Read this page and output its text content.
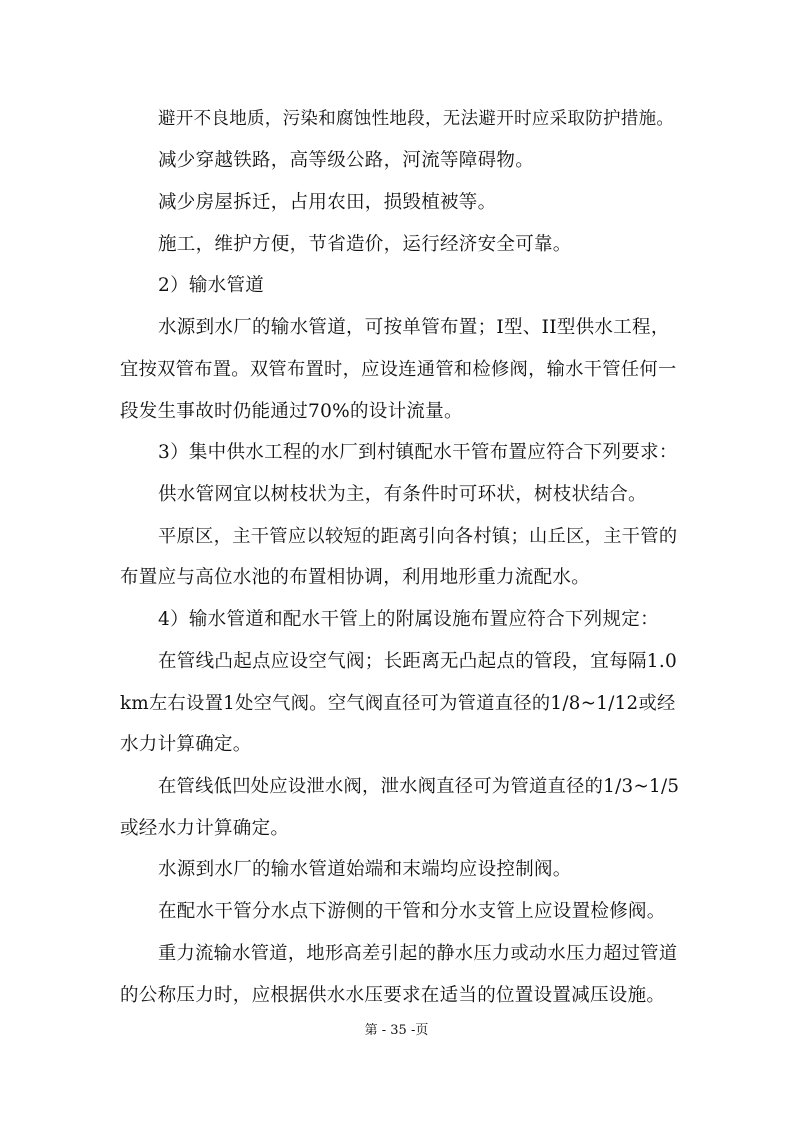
避开不良地质，污染和腐蚀性地段，无法避开时应采取防护措施。
减少穿越铁路，高等级公路，河流等障碍物。
减少房屋拆迁，占用农田，损毁植被等。
施工，维护方便，节省造价，运行经济安全可靠。
2）输水管道
水源到水厂的输水管道，可按单管布置；I型、II型供水工程，
宜按双管布置。双管布置时，应设连通管和检修阀，输水干管任何一
段发生事故时仍能通过70%的设计流量。
3）集中供水工程的水厂到村镇配水干管布置应符合下列要求：
供水管网宜以树枝状为主，有条件时可环状，树枝状结合。
平原区，主干管应以较短的距离引向各村镇；山丘区，主干管的
布置应与高位水池的布置相协调，利用地形重力流配水。
4）输水管道和配水干管上的附属设施布置应符合下列规定：
在管线凸起点应设空气阀；长距离无凸起点的管段，宜每隔1.0
km左右设置1处空气阀。空气阀直径可为管道直径的1/8~1/12或经
水力计算确定。
在管线低凹处应设泄水阀，泄水阀直径可为管道直径的1/3~1/5
或经水力计算确定。
水源到水厂的输水管道始端和末端均应设控制阀。
在配水干管分水点下游侧的干管和分水支管上应设置检修阀。
重力流输水管道，地形高差引起的静水压力或动水压力超过管道
的公称压力时，应根据供水水压要求在适当的位置设置减压设施。
第 - 35 -页
